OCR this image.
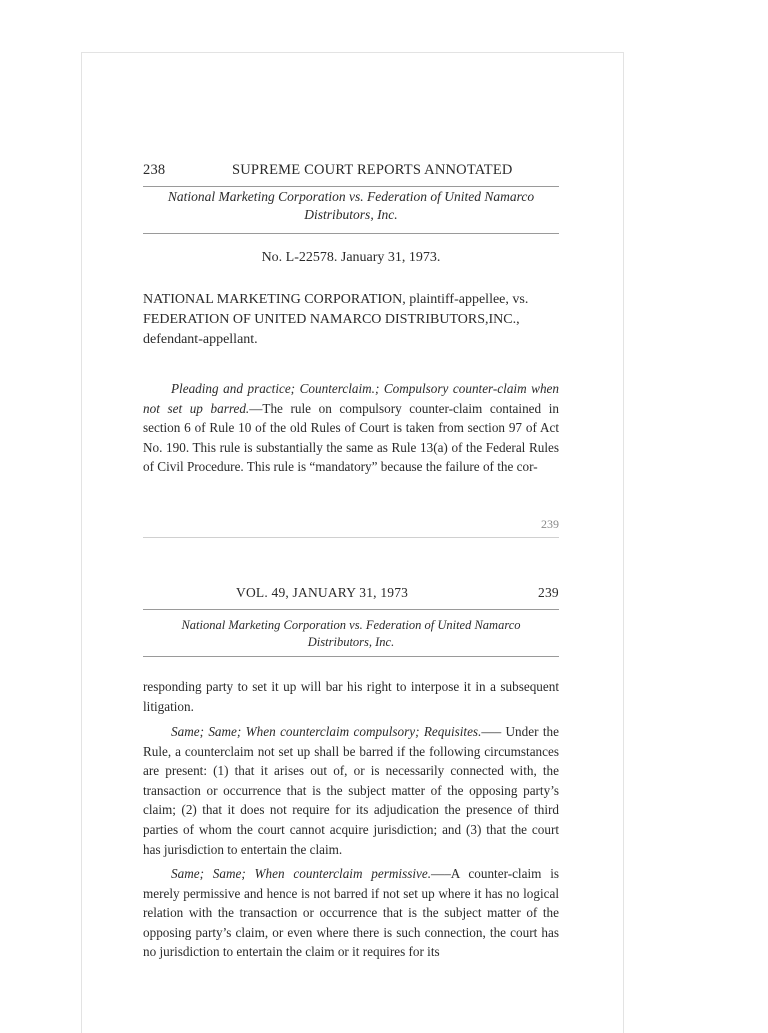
238	SUPREME COURT REPORTS ANNOTATED
National Marketing Corporation vs. Federation of United Namarco
Distributors, Inc.
No. L-22578. January 31, 1973.
NATIONAL MARKETING CORPORATION, plaintiff-appellee, vs.
FEDERATION OF UNITED NAMARCO DISTRIBUTORS,INC.,
defendant-appellant.
Pleading and practice; Counterclaim.; Compulsory counter-claim when not set up barred.—The rule on compulsory counter-claim contained in section 6 of Rule 10 of the old Rules of Court is taken from section 97 of Act No. 190. This rule is substantially the same as Rule 13(a) of the Federal Rules of Civil Procedure. This rule is “mandatory” because the failure of the cor-
239
VOL. 49, JANUARY 31, 1973	239
National Marketing Corporation vs. Federation of United Namarco
Distributors, Inc.
responding party to set it up will bar his right to interpose it in a subsequent litigation.
Same; Same; When counterclaim compulsory; Requisites.—– Under the Rule, a counterclaim not set up shall be barred if the following circumstances are present: (1) that it arises out of, or is necessarily connected with, the transaction or occurrence that is the subject matter of the opposing party’s claim; (2) that it does not require for its adjudication the presence of third parties of whom the court cannot acquire jurisdiction; and (3) that the court has jurisdiction to entertain the claim.
Same; Same; When counterclaim permissive.—–A counter-claim is merely permissive and hence is not barred if not set up where it has no logical relation with the transaction or occurrence that is the subject matter of the opposing party’s claim, or even where there is such connection, the court has no jurisdiction to entertain the claim or it requires for its
